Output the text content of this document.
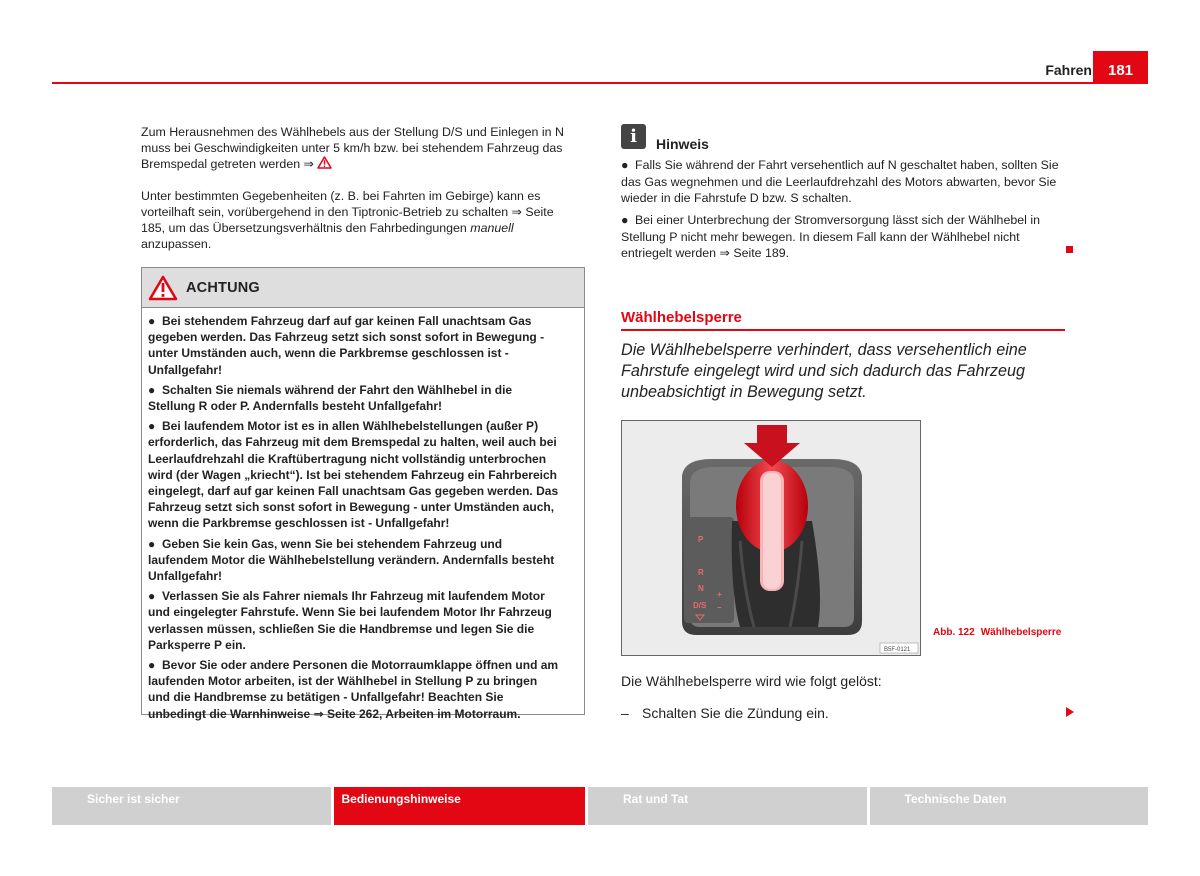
Fahren	181

Zum Herausnehmen des Wählhebels aus der Stellung D/S und Einlegen in N muss bei Geschwindigkeiten unter 5 km/h bzw. bei stehendem Fahrzeug das Bremspedal getreten werden ⇒

Unter bestimmten Gegebenheiten (z. B. bei Fahrten im Gebirge) kann es vorteilhaft sein, vorübergehend in den Tiptronic-Betrieb zu schalten ⇒ Seite 185, um das Übersetzungsverhältnis den Fahrbedingungen manuell anzupassen.

ACHTUNG

● Bei stehendem Fahrzeug darf auf gar keinen Fall unachtsam Gas gegeben werden. Das Fahrzeug setzt sich sonst sofort in Bewegung - unter Umständen auch, wenn die Parkbremse geschlossen ist - Unfallgefahr!

● Schalten Sie niemals während der Fahrt den Wählhebel in die Stellung R oder P. Andernfalls besteht Unfallgefahr!

● Bei laufendem Motor ist es in allen Wählhebelstellungen (außer P) erforderlich, das Fahrzeug mit dem Bremspedal zu halten, weil auch bei Leerlaufdrehzahl die Kraftübertragung nicht vollständig unterbrochen wird (der Wagen „kriecht“). Ist bei stehendem Fahrzeug ein Fahrbereich eingelegt, darf auf gar keinen Fall unachtsam Gas gegeben werden. Das Fahrzeug setzt sich sonst sofort in Bewegung - unter Umständen auch, wenn die Parkbremse geschlossen ist - Unfallgefahr!

● Geben Sie kein Gas, wenn Sie bei stehendem Fahrzeug und laufendem Motor die Wählhebelstellung verändern. Andernfalls besteht Unfallgefahr!

● Verlassen Sie als Fahrer niemals Ihr Fahrzeug mit laufendem Motor und eingelegter Fahrstufe. Wenn Sie bei laufendem Motor Ihr Fahrzeug verlassen müssen, schließen Sie die Handbremse und legen Sie die Parksperre P ein.

● Bevor Sie oder andere Personen die Motorraumklappe öffnen und am laufenden Motor arbeiten, ist der Wählhebel in Stellung P zu bringen und die Handbremse zu betätigen - Unfallgefahr! Beachten Sie unbedingt die Warnhinweise ⇒ Seite 262, Arbeiten im Motorraum.

i	Hinweis

● Falls Sie während der Fahrt versehentlich auf N geschaltet haben, sollten Sie das Gas wegnehmen und die Leerlaufdrehzahl des Motors abwarten, bevor Sie wieder in die Fahrstufe D bzw. S schalten.

● Bei einer Unterbrechung der Stromversorgung lässt sich der Wählhebel in Stellung P nicht mehr bewegen. In diesem Fall kann der Wählhebel nicht entriegelt werden ⇒ Seite 189.

Wählhebelsperre

Die Wählhebelsperre verhindert, dass versehentlich eine Fahrstufe eingelegt wird und sich dadurch das Fahrzeug unbeabsichtigt in Bewegung setzt.

P
R
N
D/S
+
–
B5F-0121
Abb. 122 Wählhebelsperre
Die Wählhebelsperre wird wie folgt gelöst:
– Schalten Sie die Zündung ein.
Sicher ist sicher	Bedienungshinweise	Rat und Tat	Technische Daten
